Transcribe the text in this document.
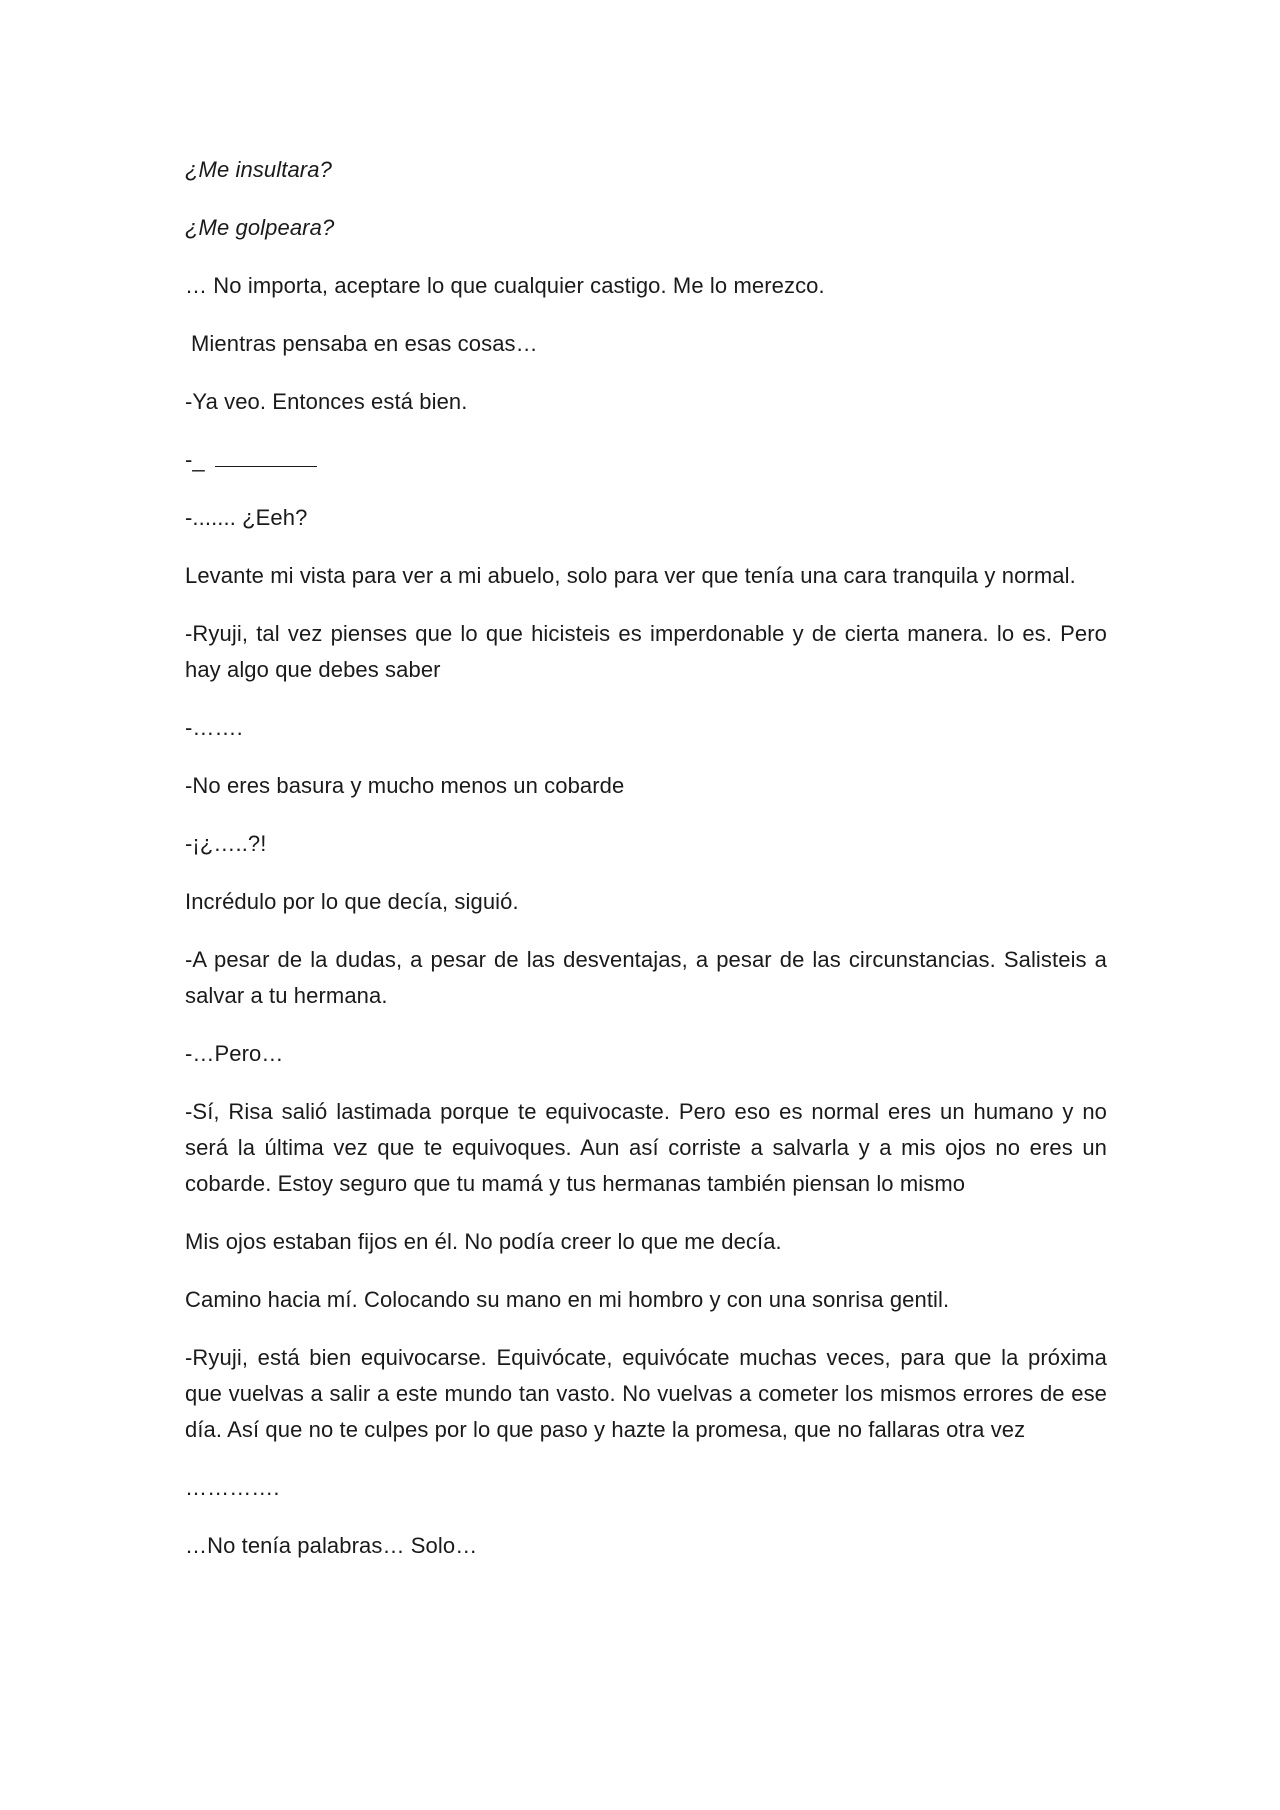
¿Me insultara?

¿Me golpeara?

… No importa, aceptare lo que cualquier castigo. Me lo merezco.

Mientras pensaba en esas cosas…

-Ya veo. Entonces está bien.

-_

-....... ¿Eeh?

Levante mi vista para ver a mi abuelo, solo para ver que tenía una cara tranquila y normal.

-Ryuji, tal vez pienses que lo que hicisteis es imperdonable y de cierta manera. lo es. Pero hay algo que debes saber

-…….

-No eres basura y mucho menos un cobarde

-¡¿…..?!

Incrédulo por lo que decía, siguió.

-A pesar de la dudas, a pesar de las desventajas, a pesar de las circunstancias. Salisteis a salvar a tu hermana.

-…Pero…

-Sí, Risa salió lastimada porque te equivocaste. Pero eso es normal eres un humano y no será la última vez que te equivoques. Aun así corriste a salvarla y a mis ojos no eres un cobarde. Estoy seguro que tu mamá y tus hermanas también piensan lo mismo

Mis ojos estaban fijos en él. No podía creer lo que me decía.

Camino hacia mí. Colocando su mano en mi hombro y con una sonrisa gentil.

-Ryuji, está bien equivocarse. Equivócate, equivócate muchas veces, para que la próxima que vuelvas a salir a este mundo tan vasto. No vuelvas a cometer los mismos errores de ese día. Así que no te culpes por lo que paso y hazte la promesa, que no fallaras otra vez

………….

…No tenía palabras… Solo…
